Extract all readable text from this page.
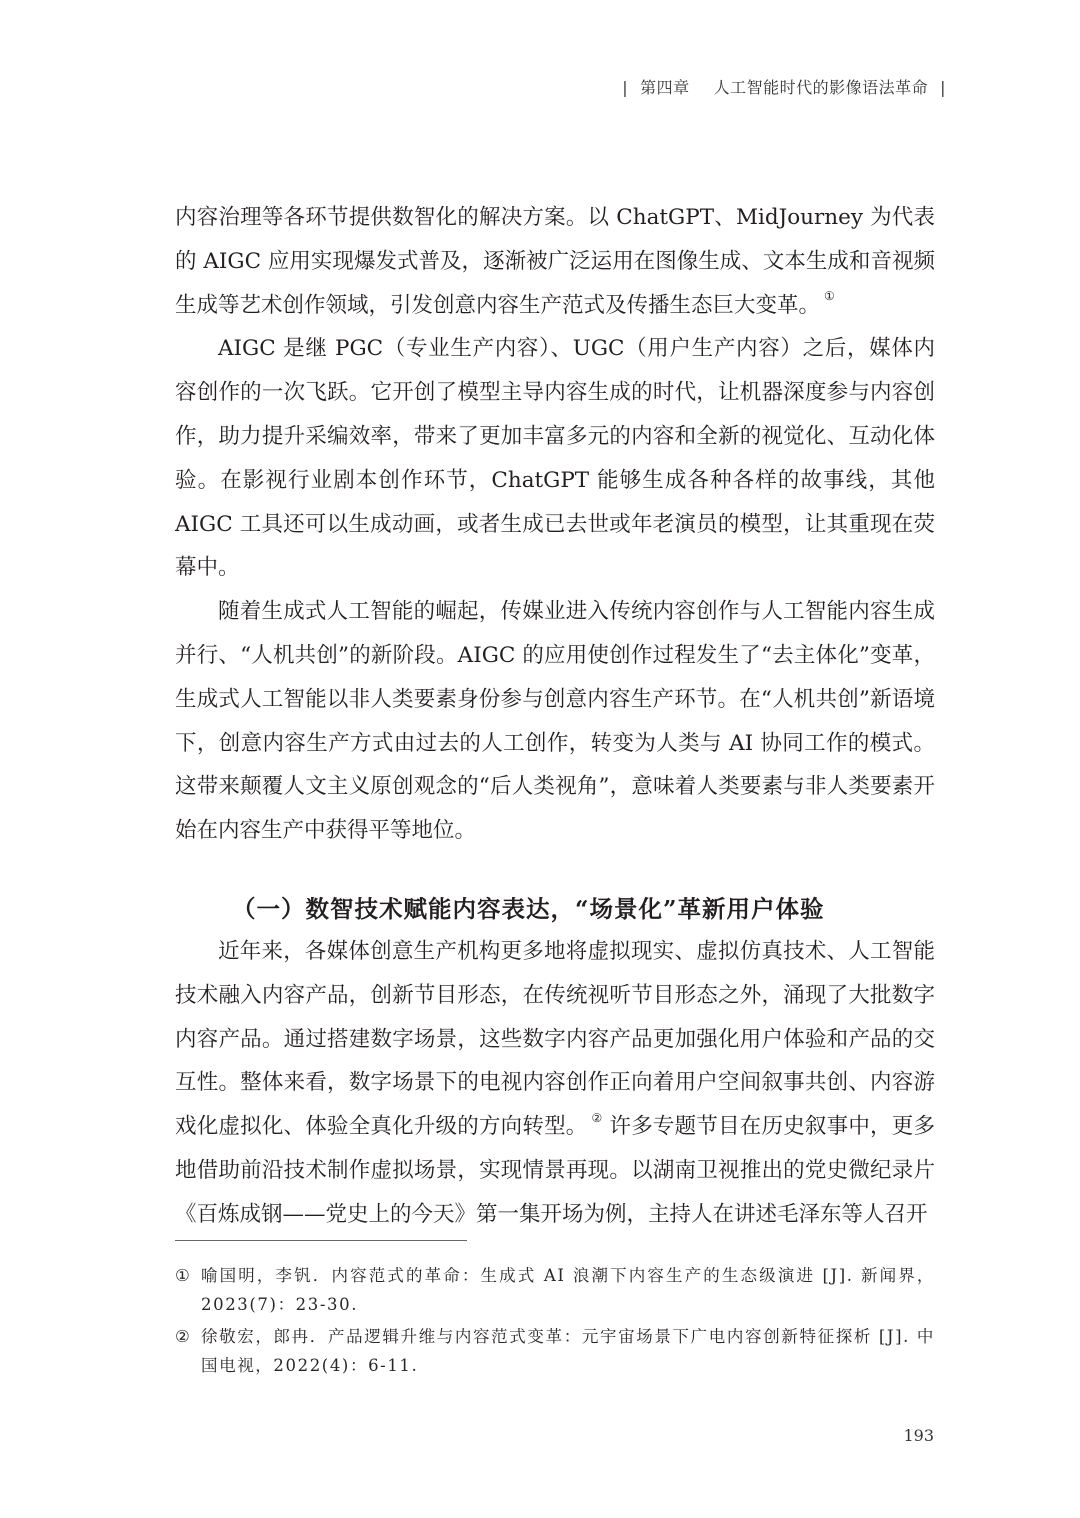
| 第四章 人工智能时代的影像语法革命 |

内容治理等各环节提供数智化的解决方案。以 ChatGPT、MidJourney 为代表的 AIGC 应用实现爆发式普及，逐渐被广泛运用在图像生成、文本生成和音视频生成等艺术创作领域，引发创意内容生产范式及传播生态巨大变革。 ①

AIGC 是继 PGC（专业生产内容）、UGC（用户生产内容）之后，媒体内容创作的一次飞跃。它开创了模型主导内容生成的时代，让机器深度参与内容创作，助力提升采编效率，带来了更加丰富多元的内容和全新的视觉化、互动化体验。在影视行业剧本创作环节，ChatGPT 能够生成各种各样的故事线，其他 AIGC 工具还可以生成动画，或者生成已去世或年老演员的模型，让其重现在荧幕中。

随着生成式人工智能的崛起，传媒业进入传统内容创作与人工智能内容生成并行、“人机共创”的新阶段。AIGC 的应用使创作过程发生了“去主体化”变革，生成式人工智能以非人类要素身份参与创意内容生产环节。在“人机共创”新语境下，创意内容生产方式由过去的人工创作，转变为人类与 AI 协同工作的模式。这带来颠覆人文主义原创观念的“后人类视角”，意味着人类要素与非人类要素开始在内容生产中获得平等地位。

（一）数智技术赋能内容表达，“场景化”革新用户体验

近年来，各媒体创意生产机构更多地将虚拟现实、虚拟仿真技术、人工智能技术融入内容产品，创新节目形态，在传统视听节目形态之外，涌现了大批数字内容产品。通过搭建数字场景，这些数字内容产品更加强化用户体验和产品的交互性。整体来看，数字场景下的电视内容创作正向着用户空间叙事共创、内容游戏化虚拟化、体验全真化升级的方向转型。 ② 许多专题节目在历史叙事中，更多地借助前沿技术制作虚拟场景，实现情景再现。以湖南卫视推出的党史微纪录片《百炼成钢——党史上的今天》第一集开场为例，主持人在讲述毛泽东等人召开

① 喻国明，李钒．内容范式的革命：生成式 AI 浪潮下内容生产的生态级演进 [J]. 新闻界，2023(7)：23-30.
② 徐敬宏，郎冉．产品逻辑升维与内容范式变革：元宇宙场景下广电内容创新特征探析 [J]. 中国电视，2022(4)：6-11.
193
